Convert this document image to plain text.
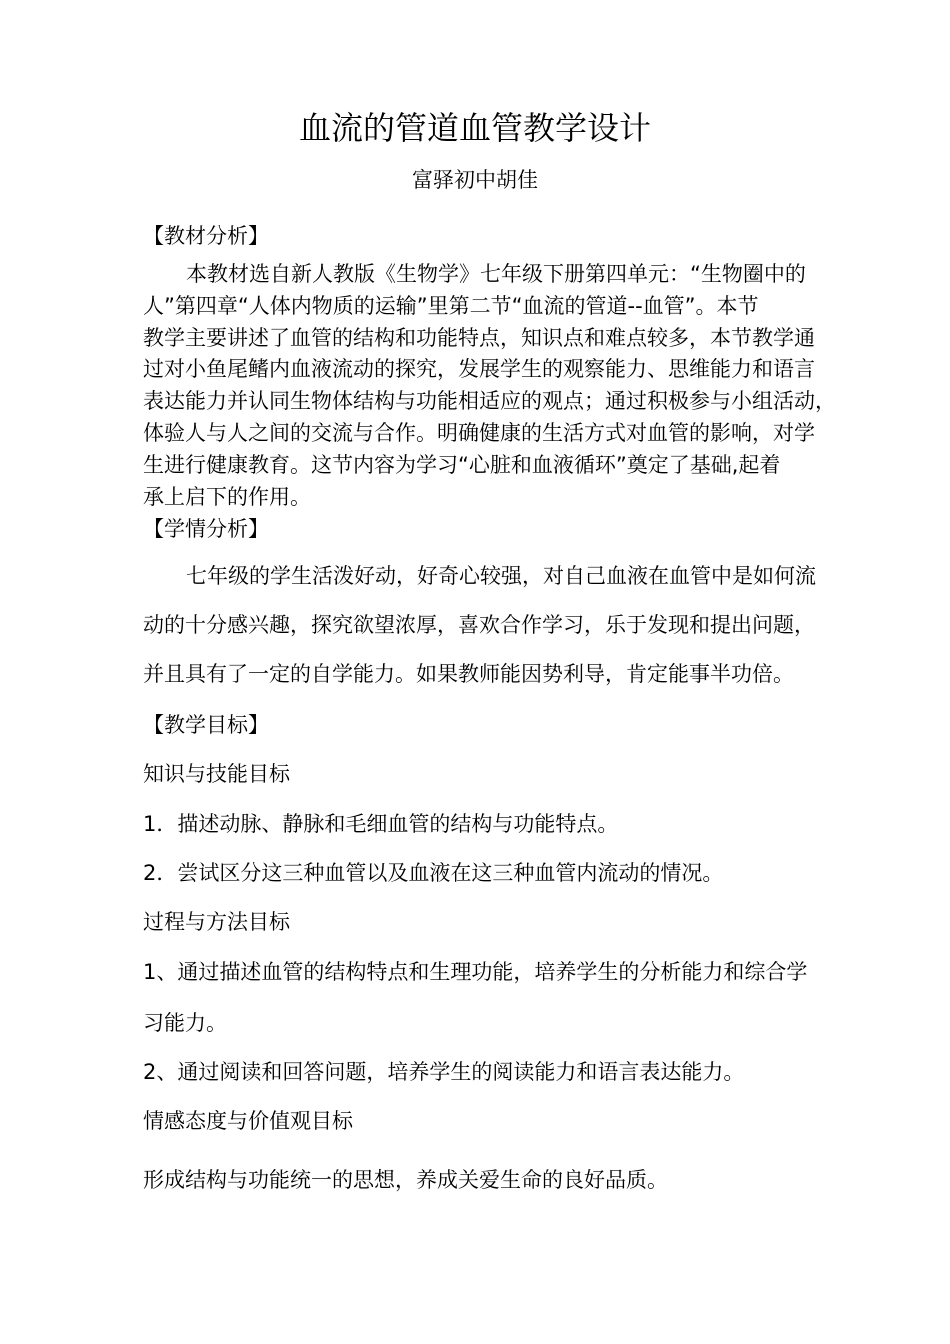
血流的管道血管教学设计
富驿初中胡佳
【教材分析】
本教材选自新人教版《生物学》七年级下册第四单元：“生物圈中的
人”第四章“人体内物质的运输”里第二节“血流的管道--血管”。本节
教学主要讲述了血管的结构和功能特点，知识点和难点较多，本节教学通
过对小鱼尾鳍内血液流动的探究，发展学生的观察能力、思维能力和语言
表达能力并认同生物体结构与功能相适应的观点；通过积极参与小组活动，
体验人与人之间的交流与合作。明确健康的生活方式对血管的影响，对学
生进行健康教育。这节内容为学习“心脏和血液循环”奠定了基础,起着
承上启下的作用。
【学情分析】
七年级的学生活泼好动，好奇心较强，对自己血液在血管中是如何流
动的十分感兴趣，探究欲望浓厚，喜欢合作学习，乐于发现和提出问题，
并且具有了一定的自学能力。如果教师能因势利导，肯定能事半功倍。
【教学目标】
知识与技能目标
1．描述动脉、静脉和毛细血管的结构与功能特点。
2．尝试区分这三种血管以及血液在这三种血管内流动的情况。
过程与方法目标
1、通过描述血管的结构特点和生理功能，培养学生的分析能力和综合学
习能力。
2、通过阅读和回答问题，培养学生的阅读能力和语言表达能力。
情感态度与价值观目标
形成结构与功能统一的思想，养成关爱生命的良好品质。
